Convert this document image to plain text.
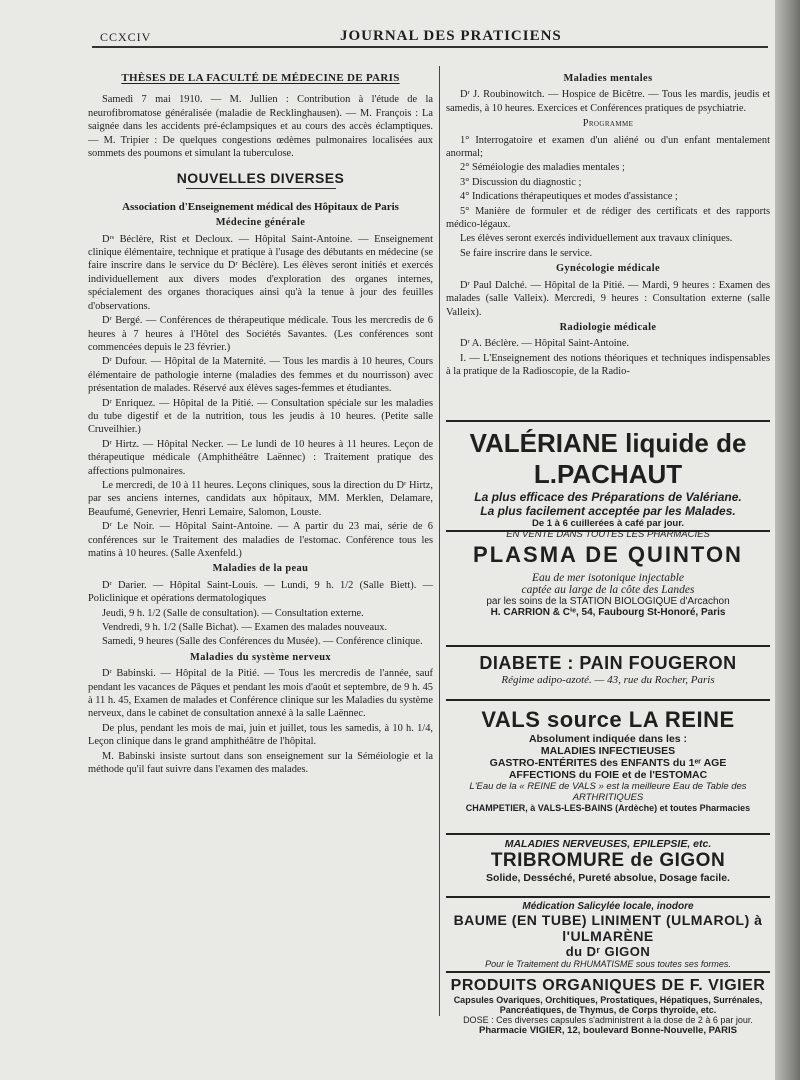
CCXCIV	JOURNAL DES PRATICIENS
THÈSES DE LA FACULTÉ DE MÉDECINE DE PARIS

Samedi 7 mai 1910. — M. Jullien : Contribution à l'étude de la neurofibromatose généralisée (maladie de Recklinghausen). — M. François : La saignée dans les accidents pré-éclampsiques et au cours des accès éclamptiques. — M. Tripier : De quelques congestions œdèmes pulmonaires localisées aux sommets des poumons et simulant la tuberculose.

NOUVELLES DIVERSES
Association d'Enseignement médical des Hôpitaux de Paris
Médecine générale

Dʳˢ Béclère, Rist et Decloux. — Hôpital Saint-Antoine. — Enseignement clinique élémentaire, technique et pratique à l'usage des débutants en médecine (se faire inscrire dans le service du Dʳ Béclère). Les élèves seront initiés et exercés individuellement aux divers modes d'exploration des organes internes, spécialement des organes thoraciques ainsi qu'à la tenue à jour des feuilles d'observations.

Dʳ Bergé. — Conférences de thérapeutique médicale. Tous les mercredis de 6 heures à 7 heures à l'Hôtel des Sociétés Savantes. (Les conférences sont commencées depuis le 23 février.)

Dʳ Dufour. — Hôpital de la Maternité. — Tous les mardis à 10 heures, Cours élémentaire de pathologie interne (maladies des femmes et du nourrisson) avec présentation de malades. Réservé aux élèves sages-femmes et étudiantes.

Dʳ Enriquez. — Hôpital de la Pitié. — Consultation spéciale sur les maladies du tube digestif et de la nutrition, tous les jeudis à 10 heures. (Petite salle Cruveilhier.)

Dʳ Hirtz. — Hôpital Necker. — Le lundi de 10 heures à 11 heures. Leçon de thérapeutique médicale (Amphithéâtre Laënnec) : Traitement pratique des affections pulmonaires.

Le mercredi, de 10 à 11 heures. Leçons cliniques, sous la direction du Dʳ Hirtz, par ses anciens internes, candidats aux hôpitaux, MM. Merklen, Delamare, Beaufumé, Genevrier, Henri Lemaire, Salomon, Louste.

Dʳ Le Noir. — Hôpital Saint-Antoine. — A partir du 23 mai, série de 6 conférences sur le Traitement des maladies de l'estomac. Conférence tous les matins à 10 heures. (Salle Axenfeld.)

Maladies de la peau

Dʳ Darier. — Hôpital Saint-Louis. — Lundi, 9 h. 1/2 (Salle Biett). — Policlinique et opérations dermatologiques

Jeudi, 9 h. 1/2 (Salle de consultation). — Consultation externe.

Vendredi, 9 h. 1/2 (Salle Bichat). — Examen des malades nouveaux.

Samedi, 9 heures (Salle des Conférences du Musée). — Conférence clinique.

Maladies du système nerveux

Dʳ Babinski. — Hôpital de la Pitié. — Tous les mercredis de l'année, sauf pendant les vacances de Pâques et pendant les mois d'août et septembre, de 9 h. 45 à 11 h. 45, Examen de malades et Conférence clinique sur les Maladies du système nerveux, dans le cabinet de consultation annexé à la salle Laënnec.

De plus, pendant les mois de mai, juin et juillet, tous les samedis, à 10 h. 1/4, Leçon clinique dans le grand amphithéâtre de l'hôpital.

M. Babinski insiste surtout dans son enseignement sur la Séméiologie et la méthode qu'il faut suivre dans l'examen des malades.

Maladies mentales

Dʳ J. Roubinowitch. — Hospice de Bicêtre. — Tous les mardis, jeudis et samedis, à 10 heures. Exercices et Conférences pratiques de psychiatrie.

Programme

1° Interrogatoire et examen d'un aliéné ou d'un enfant mentalement anormal;

2° Séméiologie des maladies mentales ;

3° Discussion du diagnostic ;

4° Indications thérapeutiques et modes d'assistance ;

5° Manière de formuler et de rédiger des certificats et des rapports médico-légaux.

Les élèves seront exercés individuellement aux travaux cliniques.

Se faire inscrire dans le service.

Gynécologie médicale

Dʳ Paul Dalché. — Hôpital de la Pitié. — Mardi, 9 heures : Examen des malades (salle Valleix). Mercredi, 9 heures : Consultation externe (salle Valleix).

Radiologie médicale

Dʳ A. Béclère. — Hôpital Saint-Antoine.

I. — L'Enseignement des notions théoriques et techniques indispensables à la pratique de la Radioscopie, de la Radio-

VALÉRIANE liquide de L.PACHAUT
La plus efficace des Préparations de Valériane.
La plus facilement acceptée par les Malades.
De 1 à 6 cuillerées à café par jour.
EN VENTE DANS TOUTES LES PHARMACIES
PLASMA DE QUINTON
Eau de mer isotonique injectable
captée au large de la côte des Landes
par les soins de la STATION BIOLOGIQUE d'Arcachon
H. CARRION & Cⁱᵉ, 54, Faubourg St-Honoré, Paris
DIABETE : PAIN FOUGERON
Régime adipo-azoté. — 43, rue du Rocher, Paris
VALS source LA REINE
Absolument indiquée dans les :
MALADIES INFECTIEUSES
GASTRO-ENTÉRITES des ENFANTS du 1ᵉʳ AGE
AFFECTIONS du FOIE et de l'ESTOMAC
L'Eau de la « REINE de VALS » est la meilleure Eau de Table des ARTHRITIQUES
CHAMPETIER, à VALS-LES-BAINS (Ardèche) et toutes Pharmacies
MALADIES NERVEUSES, EPILEPSIE, etc.
TRIBROMURE de GIGON
Solide, Desséché, Pureté absolue, Dosage facile.
Médication Salicylée locale, inodore
BAUME (EN TUBE) LINIMENT (ULMAROL) à l'ULMARÈNE
du Dʳ GIGON
Pour le Traitement du RHUMATISME sous toutes ses formes.
PRODUITS ORGANIQUES DE F. VIGIER
Capsules Ovariques, Orchitiques, Prostatiques, Hépatiques, Surrénales, Pancréatiques, de Thymus, de Corps thyroïde, etc.
DOSE : Ces diverses capsules s'administrent à la dose de 2 à 6 par jour.
Pharmacie VIGIER, 12, boulevard Bonne-Nouvelle, PARIS
